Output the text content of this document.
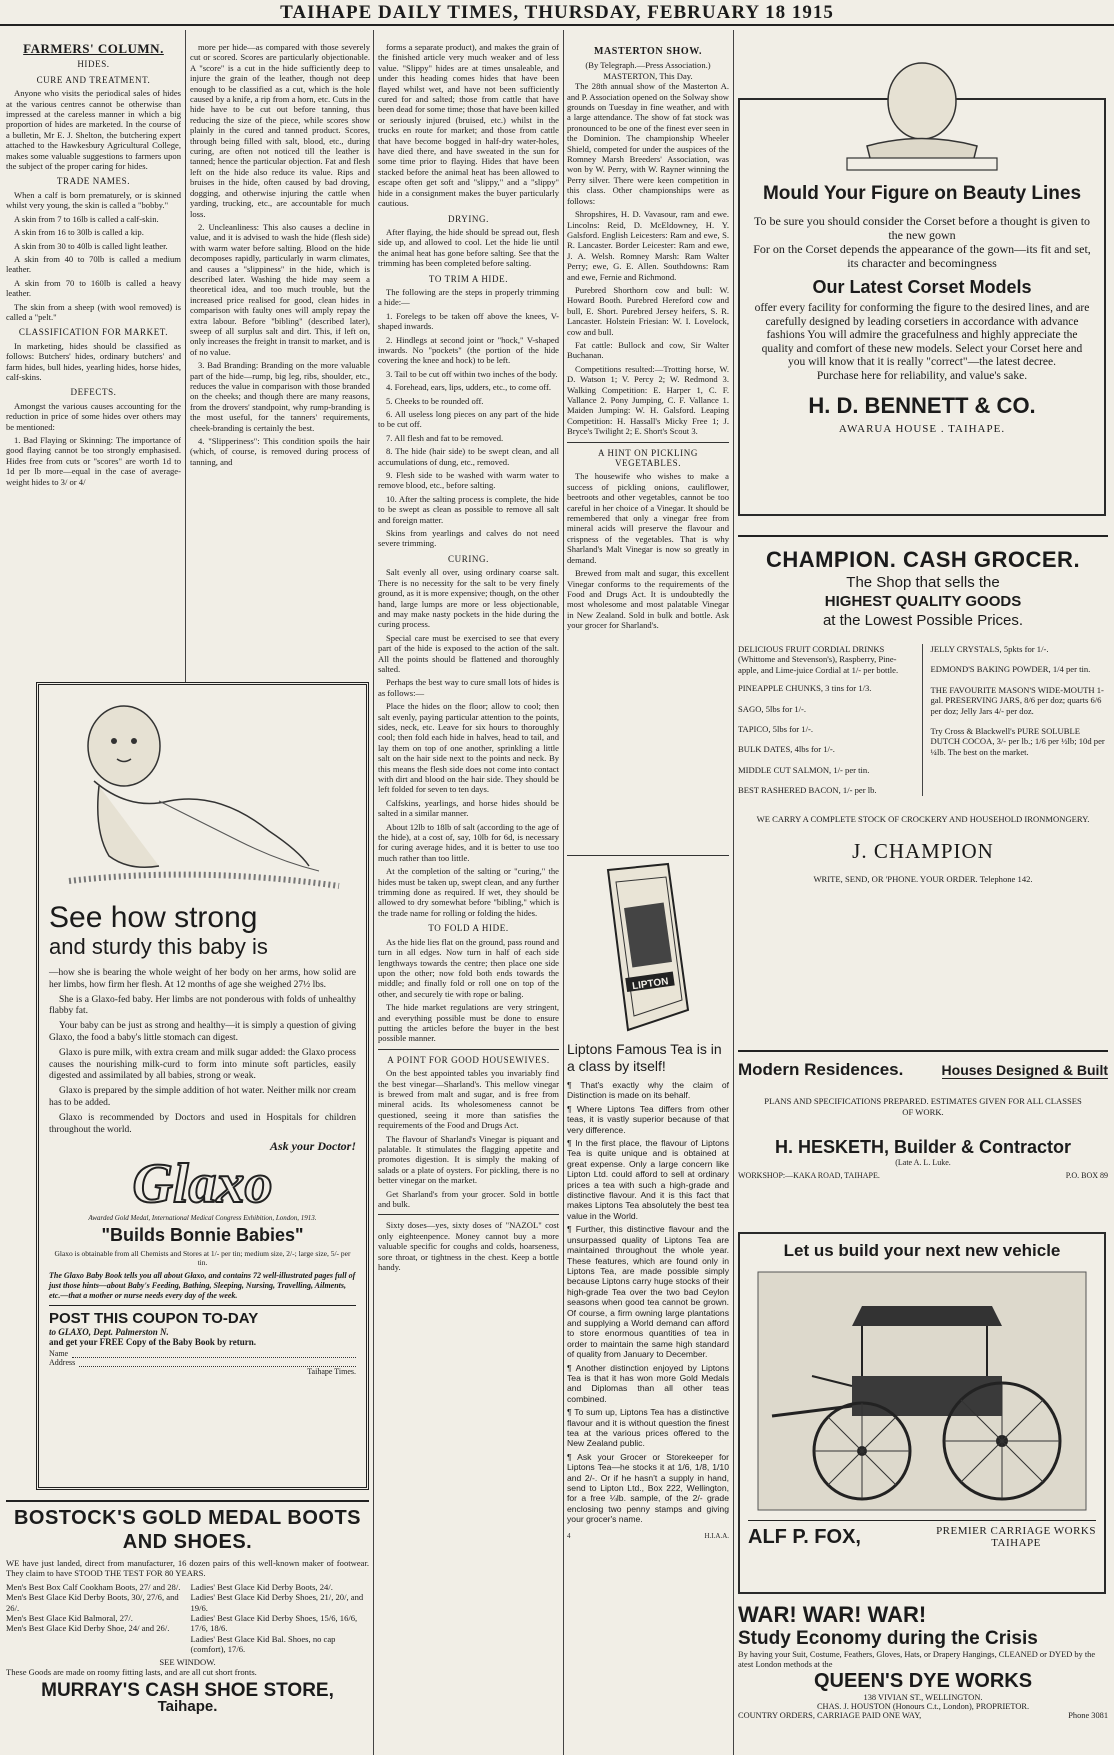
TAIHAPE DAILY TIMES, THURSDAY, FEBRUARY 18 1915
FARMERS' COLUMN.
HIDES.
CURE AND TREATMENT.

Anyone who visits the periodical sales of hides at the various centres cannot be otherwise than impressed at the careless manner in which a big proportion of hides are marketed. In the course of a bulletin, Mr E. J. Shelton, the butchering expert attached to the Hawkesbury Agricultural College, makes some valuable suggestions to farmers upon the subject of the proper caring for hides.

TRADE NAMES.

When a calf is born prematurely, or is skinned whilst very young, the skin is called a "bobby."

A skin from 7 to 16lb is called a calf-skin.

A skin from 16 to 30lb is called a kip.

A skin from 30 to 40lb is called light leather.

A skin from 40 to 70lb is called a medium leather.

A skin from 70 to 160lb is called a heavy leather.

The skin from a sheep (with wool removed) is called a "pelt."

CLASSIFICATION FOR MARKET.

In marketing, hides should be classified as follows: Butchers' hides, ordinary butchers' and farm hides, bull hides, yearling hides, horse hides, calf-skins.

DEFECTS.

Amongst the various causes accounting for the reduction in price of some hides over others may be mentioned:

1. Bad Flaying or Skinning: The importance of good flaying cannot be too strongly emphasised. Hides free from cuts or "scores" are worth 1d to 1d per lb more—equal in the case of average-weight hides to 3/ or 4/

more per hide—as compared with those severely cut or scored. Scores are particularly objectionable. A "score" is a cut in the hide sufficiently deep to injure the grain of the leather, though not deep enough to be classified as a cut, which is the hole caused by a knife, a rip from a horn, etc. Cuts in the hide have to be cut out before tanning, thus reducing the size of the piece, while scores show plainly in the cured and tanned product. Scores, through being filled with salt, blood, etc., during curing, are often not noticed till the leather is tanned; hence the particular objection. Fat and flesh left on the hide also reduce its value. Rips and bruises in the hide, often caused by bad droving, dogging, and otherwise injuring the cattle when yarding, trucking, etc., are accountable for much loss.

2. Uncleanliness: This also causes a decline in value, and it is advised to wash the hide (flesh side) with warm water before salting. Blood on the hide decomposes rapidly, particularly in warm climates, and causes a "slippiness" in the hide, which is described later. Washing the hide may seem a theoretical idea, and too much trouble, but the increased price realised for good, clean hides in comparison with faulty ones will amply repay the extra labour. Before "bibling" (described later), sweep of all surplus salt and dirt. This, if left on, only increases the freight in transit to market, and is of no value.

3. Bad Branding: Branding on the more valuable part of the hide—rump, big leg, ribs, shoulder, etc., reduces the value in comparison with those branded on the cheeks; and though there are many reasons, from the drovers' standpoint, why rump-branding is the most useful, for the tanners' requirements, cheek-branding is certainly the best.

4. "Slipperiness": This condition spoils the hair (which, of course, is removed during process of tanning, and

forms a separate product), and makes the grain of the finished article very much weaker and of less value. "Slippy" hides are at times unsaleable, and under this heading comes hides that have been flayed whilst wet, and have not been sufficiently cured for and salted; those from cattle that have been dead for some time; those that have been killed or seriously injured (bruised, etc.) whilst in the trucks en route for market; and those from cattle that have become bogged in half-dry water-holes, have died there, and have sweated in the sun for some time prior to flaying. Hides that have been stacked before the animal heat has been allowed to escape often get soft and "slippy," and a "slippy" hide in a consignment makes the buyer particularly cautious.

DRYING.

After flaying, the hide should be spread out, flesh side up, and allowed to cool. Let the hide lie until the animal heat has gone before salting. See that the trimming has been completed before salting.

TO TRIM A HIDE.

The following are the steps in properly trimming a hide:—

1. Forelegs to be taken off above the knees, V-shaped inwards.

2. Hindlegs at second joint or "hock," V-shaped inwards. No "pockets" (the portion of the hide covering the knee and hock) to be left.

3. Tail to be cut off within two inches of the body.

4. Forehead, ears, lips, udders, etc., to come off.

5. Cheeks to be rounded off.

6. All useless long pieces on any part of the hide to be cut off.

7. All flesh and fat to be removed.

8. The hide (hair side) to be swept clean, and all accumulations of dung, etc., removed.

9. Flesh side to be washed with warm water to remove blood, etc., before salting.

10. After the salting process is complete, the hide to be swept as clean as possible to remove all salt and foreign matter.

Skins from yearlings and calves do not need severe trimming.

CURING.

Salt evenly all over, using ordinary coarse salt. There is no necessity for the salt to be very finely ground, as it is more expensive; though, on the other hand, large lumps are more or less objectionable, and may make nasty pockets in the hide during the curing process.

Special care must be exercised to see that every part of the hide is exposed to the action of the salt. All the points should be flattened and thoroughly salted.

Perhaps the best way to cure small lots of hides is as follows:—

Place the hides on the floor; allow to cool; then salt evenly, paying particular attention to the points, sides, neck, etc. Leave for six hours to thoroughly cool; then fold each hide in halves, head to tail, and lay them on top of one another, sprinkling a little salt on the hair side next to the points and neck. By this means the flesh side does not come into contact with dirt and blood on the hair side. They should be left folded for seven to ten days.

Calfskins, yearlings, and horse hides should be salted in a similar manner.

About 12lb to 18lb of salt (according to the age of the hide), at a cost of, say, 10lb for 6d, is necessary for curing average hides, and it is better to use too much rather than too little.

At the completion of the salting or "curing," the hides must be taken up, swept clean, and any further trimming done as required. If wet, they should be allowed to dry somewhat before "bibling," which is the trade name for rolling or folding the hides.

TO FOLD A HIDE.

As the hide lies flat on the ground, pass round and turn in all edges. Now turn in half of each side lengthways towards the centre; then place one side upon the other; now fold both ends towards the middle; and finally fold or roll one on top of the other, and securely tie with rope or baling.

The hide market regulations are very stringent, and everything possible must be done to ensure putting the articles before the buyer in the best possible manner.

A POINT FOR GOOD HOUSEWIVES.

On the best appointed tables you invariably find the best vinegar—Sharland's. This mellow vinegar is brewed from malt and sugar, and is free from mineral acids. Its wholesomeness cannot be questioned, seeing it more than satisfies the requirements of the Food and Drugs Act.

The flavour of Sharland's Vinegar is piquant and palatable. It stimulates the flagging appetite and promotes digestion. It is simply the making of salads or a plate of oysters. For pickling, there is no better vinegar on the market.

Get Sharland's from your grocer. Sold in bottle and bulk.

Sixty doses—yes, sixty doses of "NAZOL" cost only eighteenpence. Money cannot buy a more valuable specific for coughs and colds, hoarseness, sore throat, or tightness in the chest. Keep a bottle handy.

MASTERTON SHOW.
(By Telegraph.—Press Association.)
MASTERTON, This Day.

The 28th annual show of the Masterton A. and P. Association opened on the Solway show grounds on Tuesday in fine weather, and with a large attendance. The show of fat stock was pronounced to be one of the finest ever seen in the Dominion. The championship Wheeler Shield, competed for under the auspices of the Romney Marsh Breeders' Association, was won by W. Perry, with W. Rayner winning the Perry silver. There were keen competition in this class. Other championships were as follows:

Shropshires, H. D. Vavasour, ram and ewe. Lincolns: Reid, D. McEldowney, H. Y. Galsford. English Leicesters: Ram and ewe, S. R. Lancaster. Border Leicester: Ram and ewe, J. A. Welsh. Romney Marsh: Ram Walter Perry; ewe, G. E. Allen. Southdowns: Ram and ewe, Fernie and Richmond.

Purebred Shorthorn cow and bull: W. Howard Booth. Purebred Hereford cow and bull, E. Short. Purebred Jersey heifers, S. R. Lancaster. Holstein Friesian: W. I. Lovelock, cow and bull.

Fat cattle: Bullock and cow, Sir Walter Buchanan.

Competitions resulted:—Trotting horse, W. D. Watson 1; V. Percy 2; W. Redmond 3. Walking Competition: E. Harper 1, C. F. Vallance 2. Pony Jumping, C. F. Vallance 1. Maiden Jumping: W. H. Galsford. Leaping Competition: H. Hassall's Micky Free 1; J. Bryce's Twilight 2; E. Short's Scout 3.

A HINT ON PICKLING VEGETABLES.

The housewife who wishes to make a success of pickling onions, cauliflower, beetroots and other vegetables, cannot be too careful in her choice of a Vinegar. It should be remembered that only a vinegar free from mineral acids will preserve the flavour and crispness of the vegetables. That is why Sharland's Malt Vinegar is now so greatly in demand.

Brewed from malt and sugar, this excellent Vinegar conforms to the requirements of the Food and Drugs Act. It is undoubtedly the most wholesome and most palatable Vinegar in New Zealand. Sold in bulk and bottle. Ask your grocer for Sharland's.

LIPTON
Liptons Famous Tea is in a class by itself!

¶ That's exactly why the claim of Distinction is made on its behalf.

¶ Where Liptons Tea differs from other teas, it is vastly superior because of that very difference.

¶ In the first place, the flavour of Liptons Tea is quite unique and is obtained at great expense. Only a large concern like Lipton Ltd. could afford to sell at ordinary prices a tea with such a high-grade and distinctive flavour. And it is this fact that makes Liptons Tea absolutely the best tea value in the World.

¶ Further, this distinctive flavour and the unsurpassed quality of Liptons Tea are maintained throughout the whole year. These features, which are found only in Liptons Tea, are made possible simply because Liptons carry huge stocks of their high-grade Tea over the two bad Ceylon seasons when good tea cannot be grown. Of course, a firm owning large plantations and supplying a World demand can afford to store enormous quantities of tea in order to maintain the same high standard of quality from January to December.

¶ Another distinction enjoyed by Liptons Tea is that it has won more Gold Medals and Diplomas than all other teas combined.

¶ To sum up, Liptons Tea has a distinctive flavour and it is without question the finest tea at the various prices offered to the New Zealand public.

¶ Ask your Grocer or Storekeeper for Liptons Tea—he stocks it at 1/6, 1/8, 1/10 and 2/-. Or if he hasn't a supply in hand, send to Lipton Ltd., Box 222, Wellington, for a free ¼lb. sample, of the 2/- grade enclosing two penny stamps and giving your grocer's name.

4	H.I.A.A.
See how strong
and sturdy this baby is

—how she is bearing the whole weight of her body on her arms, how solid are her limbs, how firm her flesh. At 12 months of age she weighed 27½ lbs.

She is a Glaxo-fed baby. Her limbs are not ponderous with folds of unhealthy flabby fat.

Your baby can be just as strong and healthy—it is simply a question of giving Glaxo, the food a baby's little stomach can digest.

Glaxo is pure milk, with extra cream and milk sugar added: the Glaxo process causes the nourishing milk-curd to form into minute soft particles, easily digested and assimilated by all babies, strong or weak.

Glaxo is prepared by the simple addition of hot water. Neither milk nor cream has to be added.

Glaxo is recommended by Doctors and used in Hospitals for children throughout the world.

Ask your Doctor!
Glaxo
Awarded Gold Medal, International Medical Congress Exhibition, London, 1913.
"Builds Bonnie Babies"
Glaxo is obtainable from all Chemists and Stores at 1/- per tin; medium size, 2/-; large size, 5/- per tin.
The Glaxo Baby Book tells you all about Glaxo, and contains 72 well-illustrated pages full of just those hints—about Baby's Feeding, Bathing, Sleeping, Nursing, Travelling, Ailments, etc.—that a mother or nurse needs every day of the week.
POST THIS COUPON TO-DAY
to GLAXO, Dept. Palmerston N.
and get your FREE Copy of the Baby Book by return.
Name
Address
Taihape Times.
BOSTOCK'S GOLD MEDAL BOOTS AND SHOES.
WE have just landed, direct from manufacturer, 16 dozen pairs of this well-known maker of footwear. They claim to have STOOD THE TEST FOR 80 YEARS.
Men's Best Box Calf Cookham Boots, 27/ and 28/.
Men's Best Glace Kid Derby Boots, 30/, 27/6, and 26/.
Men's Best Glace Kid Balmoral, 27/.
Men's Best Glace Kid Derby Shoe, 24/ and 26/.
Ladies' Best Glace Kid Derby Boots, 24/.
Ladies' Best Glace Kid Derby Shoes, 21/, 20/, and 19/6.
Ladies' Best Glace Kid Derby Shoes, 15/6, 16/6, 17/6, 18/6.
Ladies' Best Glace Kid Bal. Shoes, no cap (comfort), 17/6.
SEE WINDOW.
These Goods are made on roomy fitting lasts, and are all cut short fronts.
MURRAY'S CASH SHOE STORE,
Taihape.
Mould Your Figure on Beauty Lines
To be sure you should consider the Corset before a thought is given to the new gown
For on the Corset depends the appearance of the gown—its fit and set, its character and becomingness
Our Latest Corset Models
offer every facility for conforming the figure to the desired lines, and are carefully designed by leading corsetiers in accordance with advance fashions You will admire the gracefulness and highly appreciate the quality and comfort of these new models. Select your Corset here and you will know that it is really "correct"—the latest decree.
Purchase here for reliability, and value's sake.
H. D. BENNETT & CO.
AWARUA HOUSE . TAIHAPE.
CHAMPION. CASH GROCER.
The Shop that sells the
HIGHEST QUALITY GOODS
at the Lowest Possible Prices.
DELICIOUS FRUIT CORDIAL DRINKS (Whittome and Stevenson's), Raspberry, Pine-apple, and Lime-juice Cordial at 1/- per bottle.
PINEAPPLE CHUNKS, 3 tins for 1/3.
SAGO, 5lbs for 1/-.
TAPICO, 5lbs for 1/-.
BULK DATES, 4lbs for 1/-.
MIDDLE CUT SALMON, 1/- per tin.
BEST RASHERED BACON, 1/- per lb.
JELLY CRYSTALS, 5pkts for 1/-.
EDMOND'S BAKING POWDER, 1/4 per tin.
THE FAVOURITE MASON'S WIDE-MOUTH 1-gal. PRESERVING JARS, 8/6 per doz; quarts 6/6 per doz; Jelly Jars 4/- per doz.
Try Cross & Blackwell's PURE SOLUBLE DUTCH COCOA, 3/- per lb.; 1/6 per ½lb; 10d per ¼lb. The best on the market.
WE CARRY A COMPLETE STOCK OF CROCKERY AND HOUSEHOLD IRONMONGERY.
J. CHAMPION
WRITE, SEND, OR 'PHONE. YOUR ORDER. Telephone 142.
Modern Residences.	Houses Designed & Built
PLANS AND SPECIFICATIONS PREPARED. ESTIMATES GIVEN FOR ALL CLASSES OF WORK.
H. HESKETH, Builder & Contractor
(Late A. L. Luke.
WORKSHOP:—KAKA ROAD, TAIHAPE.	P.O. BOX 89
Let us build your next new vehicle
ALF P. FOX,	PREMIER CARRIAGE WORKS
TAIHAPE
WAR! WAR! WAR!
Study Economy during the Crisis
By having your Suit, Costume, Feathers, Gloves, Hats, or Drapery Hangings, CLEANED or DYED by the atest London methods at the
QUEEN'S DYE WORKS
138 VIVIAN ST., WELLINGTON.
CHAS. J. HOUSTON (Honours C.t., London), PROPRIETOR.
COUNTRY ORDERS, CARRIAGE PAID ONE WAY,	Phone 3081
